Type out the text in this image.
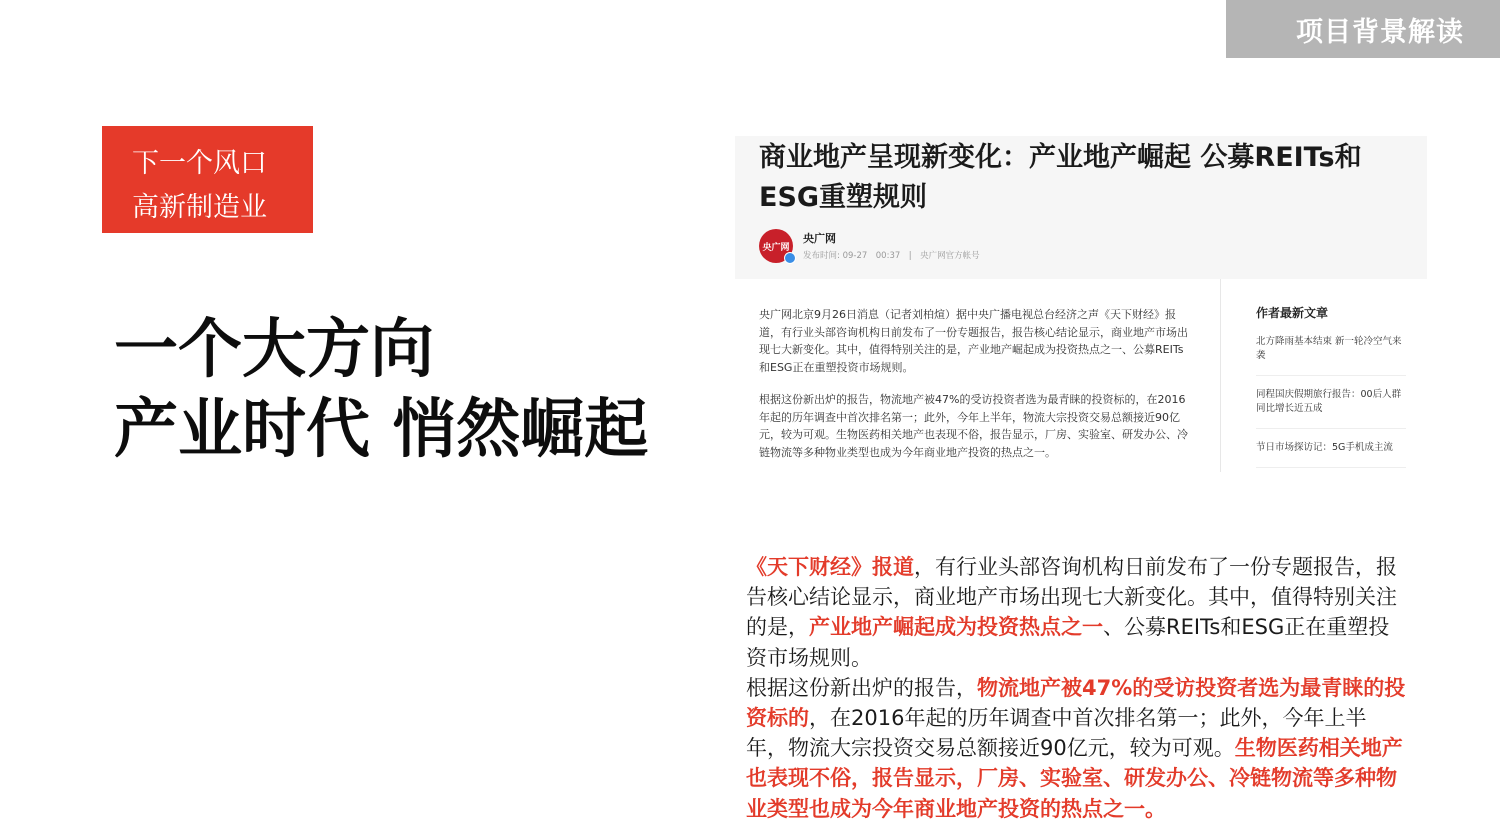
项目背景解读
下一个风口
高新制造业
一个大方向
产业时代 悄然崛起
商业地产呈现新变化：产业地产崛起 公募REITs和ESG重塑规则
央广网
央广网
发布时间: 09-27　00:37　|　央广网官方帐号

央广网北京9月26日消息（记者刘柏煊）据中央广播电视总台经济之声《天下财经》报道，有行业头部咨询机构日前发布了一份专题报告，报告核心结论显示，商业地产市场出现七大新变化。其中，值得特别关注的是，产业地产崛起成为投资热点之一、公募REITs和ESG正在重塑投资市场规则。

根据这份新出炉的报告，物流地产被47%的受访投资者选为最青睐的投资标的，在2016年起的历年调查中首次排名第一；此外，今年上半年，物流大宗投资交易总额接近90亿元，较为可观。生物医药相关地产也表现不俗，报告显示，厂房、实验室、研发办公、冷链物流等多种物业类型也成为今年商业地产投资的热点之一。

作者最新文章
北方降雨基本结束 新一轮冷空气来袭
同程国庆假期旅行报告：00后人群同比增长近五成
节日市场探访记：5G手机成主流
《天下财经》报道，有行业头部咨询机构日前发布了一份专题报告，报告核心结论显示，商业地产市场出现七大新变化。其中，值得特别关注的是，产业地产崛起成为投资热点之一、公募REITs和ESG正在重塑投资市场规则。
根据这份新出炉的报告，物流地产被47%的受访投资者选为最青睐的投资标的，在2016年起的历年调查中首次排名第一；此外，今年上半年，物流大宗投资交易总额接近90亿元，较为可观。生物医药相关地产也表现不俗，报告显示，厂房、实验室、研发办公、冷链物流等多种物业类型也成为今年商业地产投资的热点之一。
